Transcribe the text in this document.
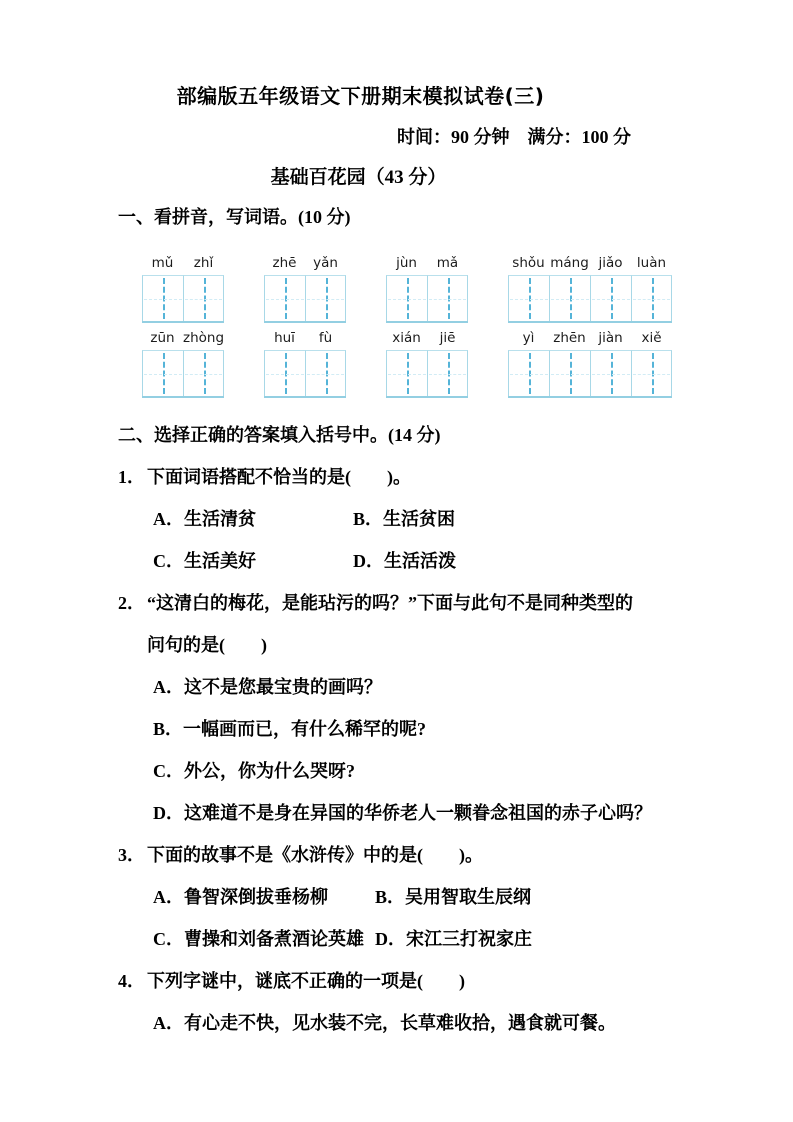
部编版五年级语文下册期末模拟试卷(三)
时间：90 分钟　满分：100 分
基础百花园（43 分）
一、看拼音，写词语。(10 分)
mǔ	zhǐ	zhē	yǎn	jùn	mǎ	shǒu máng jiǎo	luàn
zūn zhòng	huī	fù	xián	jiē	yì	zhēn jiàn	xiě
二、选择正确的答案填入括号中。(14 分)
1． 下面词语搭配不恰当的是(　　)。
A．生活清贫	B．生活贫困
C．生活美好	D．生活活泼
2． “这清白的梅花，是能玷污的吗？”下面与此句不是同种类型的
问句的是(　　)
A．这不是您最宝贵的画吗？
B．一幅画而已，有什么稀罕的呢?
C．外公，你为什么哭呀?
D．这难道不是身在异国的华侨老人一颗眷念祖国的赤子心吗？
3． 下面的故事不是《水浒传》中的是(　　)。
A．鲁智深倒拔垂杨柳	B．吴用智取生辰纲
C．曹操和刘备煮酒论英雄 D．宋江三打祝家庄
4． 下列字谜中，谜底不正确的一项是(　　)
A．有心走不快，见水装不完，长草难收拾，遇食就可餐。
